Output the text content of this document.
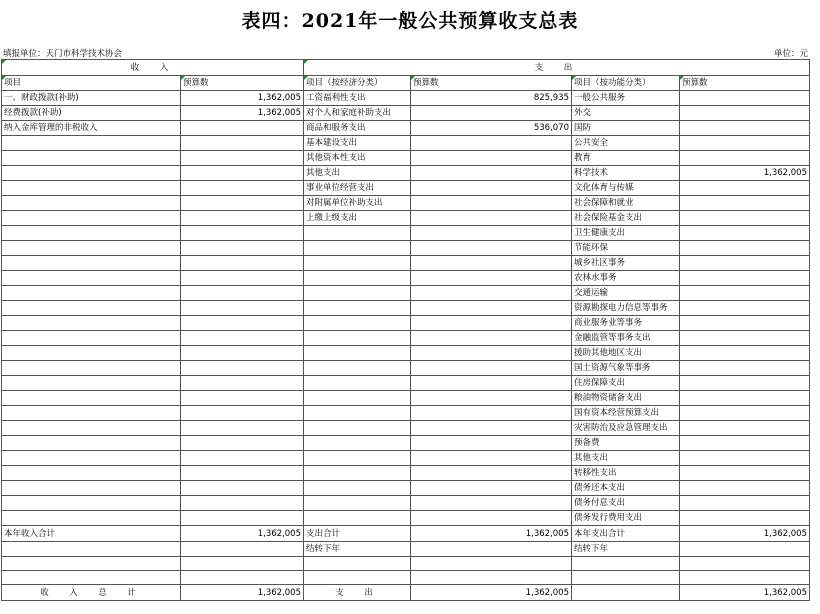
表四：2021年一般公共预算收支总表
填报单位：天门市科学技术协会	单位：元
收　入		支　出			

项目	预算数	项目（按经济分类）	预算数	项目（按功能分类）	预算数
一、财政拨款(补助)	1,362,005	工资福利性支出	825,935	一般公共服务	
经费拨款(补助)	1,362,005	对个人和家庭补助支出		外交	
纳入金库管理的非税收入		商品和服务支出	536,070	国防	
		基本建设支出		公共安全	
		其他资本性支出		教育	
		其他支出		科学技术	1,362,005
		事业单位经营支出		文化体育与传媒	
		对附属单位补助支出		社会保障和就业	
		上缴上级支出		社会保险基金支出	
				卫生健康支出	
				节能环保	
				城乡社区事务	
				农林水事务	
				交通运输	
				资源勘探电力信息等事务	
				商业服务业等事务	
				金融监管等事务支出	
				援助其他地区支出	
				国土资源气象等事务	
				住房保障支出	
				粮油物资储备支出	
				国有资本经营预算支出	
				灾害防治及应急管理支出	
				预备费	
				其他支出	
				转移性支出	
				债务还本支出	
				债务付息支出	
				债务发行费用支出	
本年收入合计	1,362,005	支出合计	1,362,005	本年支出合计	1,362,005
		结转下年		结转下年	

收　入　总　计	1,362,005	支　出	1,362,005		1,362,005
